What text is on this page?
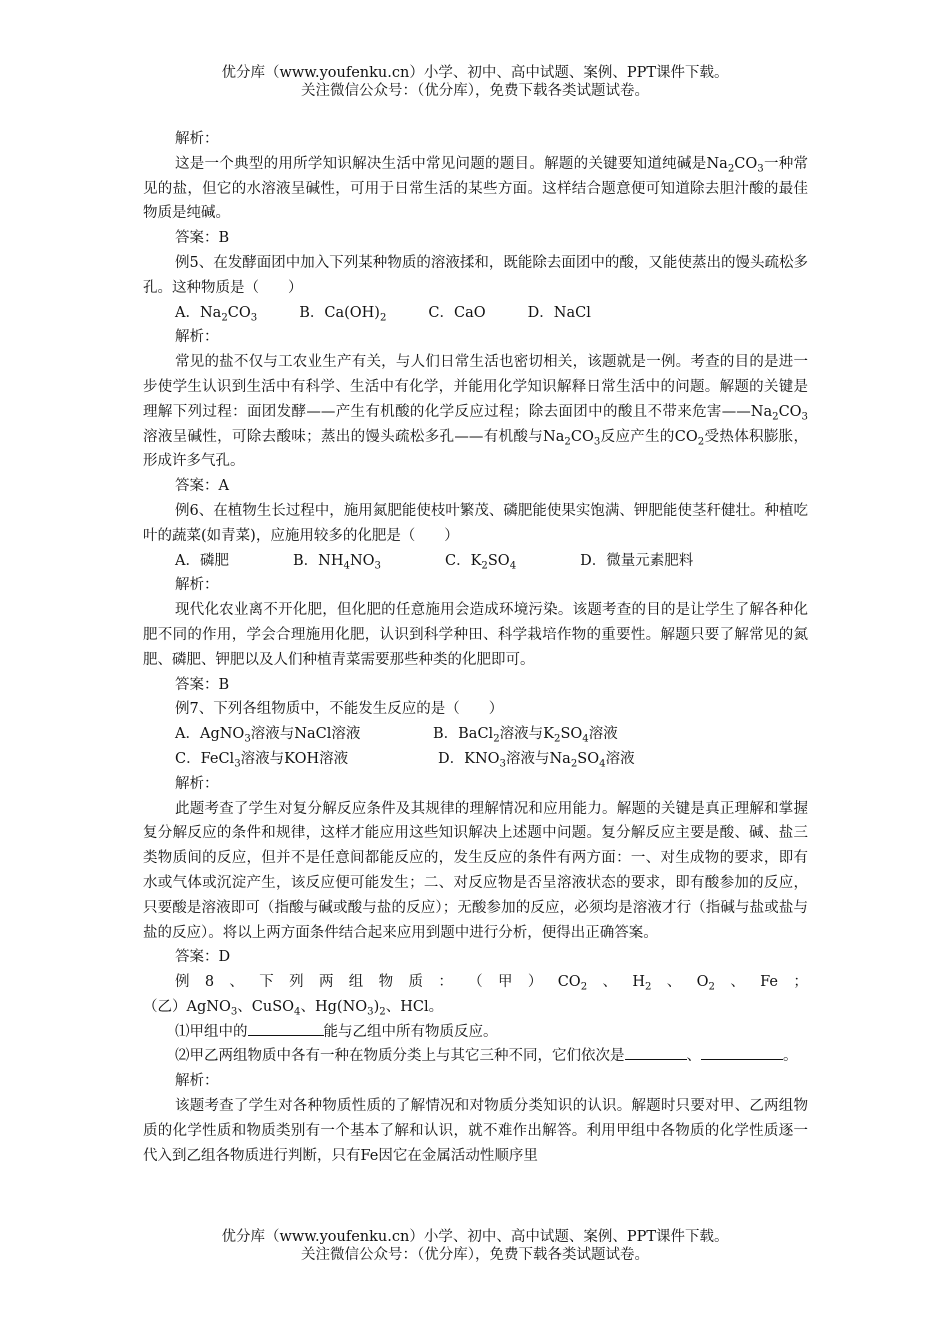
优分库（www.youfenku.cn）小学、初中、高中试题、案例、PPT课件下载。
关注微信公众号：（优分库），免费下载各类试题试卷。

解析：

这是一个典型的用所学知识解决生活中常见问题的题目。解题的关键要知道纯碱是$Na_2CO_3$一种常见的盐，但它的水溶液呈碱性，可用于日常生活的某些方面。这样结合题意便可知道除去胆汁酸的最佳物质是纯碱。

答案：B

例5、在发酵面团中加入下列某种物质的溶液揉和，既能除去面团中的酸，又能使蒸出的馒头疏松多孔。这种物质是（　　）

A．$Na_2CO_3$	B．$Ca(OH)_2$	C．CaO	D．NaCl

解析：

常见的盐不仅与工农业生产有关，与人们日常生活也密切相关，该题就是一例。考查的目的是进一步使学生认识到生活中有科学、生活中有化学，并能用化学知识解释日常生活中的问题。解题的关键是理解下列过程：面团发酵——产生有机酸的化学反应过程；除去面团中的酸且不带来危害$——Na_2CO_3$溶液呈碱性，可除去酸味；蒸出的馒头疏松多孔——有机酸与$Na_2CO_3$反应产生的$CO_2$受热体积膨胀，形成许多气孔。

答案：A

例6、在植物生长过程中，施用氮肥能使枝叶繁茂、磷肥能使果实饱满、钾肥能使茎秆健壮。种植吃叶的蔬菜(如青菜)，应施用较多的化肥是（　　）

A．磷肥	B．$NH_4NO_3$	C．$K_2SO_4$	D．微量元素肥料

解析：

现代化农业离不开化肥，但化肥的任意施用会造成环境污染。该题考查的目的是让学生了解各种化肥不同的作用，学会合理施用化肥，认识到科学种田、科学栽培作物的重要性。解题只要了解常见的氮肥、磷肥、钾肥以及人们种植青菜需要那些种类的化肥即可。

答案：B

例7、下列各组物质中，不能发生反应的是（　　）

A．AgNO$_3$溶液与NaCl溶液	B．BaCl$_2$溶液与$K_2SO_4$溶液
C．FeCl$_3$溶液与KOH溶液	D．$KNO_3$溶液与$Na_2SO_4$溶液

解析：

此题考查了学生对复分解反应条件及其规律的理解情况和应用能力。解题的关键是真正理解和掌握复分解反应的条件和规律，这样才能应用这些知识解决上述题中问题。复分解反应主要是酸、碱、盐三类物质间的反应，但并不是任意间都能反应的，发生反应的条件有两方面：一、对生成物的要求，即有水或气体或沉淀产生，该反应便可能发生；二、对反应物是否呈溶液状态的要求，即有酸参加的反应，只要酸是溶液即可（指酸与碱或酸与盐的反应）；无酸参加的反应，必须均是溶液才行（指碱与盐或盐与盐的反应）。将以上两方面条件结合起来应用到题中进行分析，便得出正确答案。

答案：D

例 8 、 下 列 两 组 物 质 ： （ 甲 ） $CO_2$ 、 $H_2$ 、 $O_2$ 、 Fe ；

（乙）AgNO$_3$、CuSO$_4$、$Hg(NO_3)_2$、HCl。

⑴甲组中的	能与乙组中所有物质反应。

⑵甲乙两组物质中各有一种在物质分类上与其它三种不同，它们依次是	、	。

解析：

该题考查了学生对各种物质性质的了解情况和对物质分类知识的认识。解题时只要对甲、乙两组物质的化学性质和物质类别有一个基本了解和认识，就不难作出解答。利用甲组中各物质的化学性质逐一代入到乙组各物质进行判断，只有Fe因它在金属活动性顺序里

优分库（www.youfenku.cn）小学、初中、高中试题、案例、PPT课件下载。
关注微信公众号：（优分库），免费下载各类试题试卷。
